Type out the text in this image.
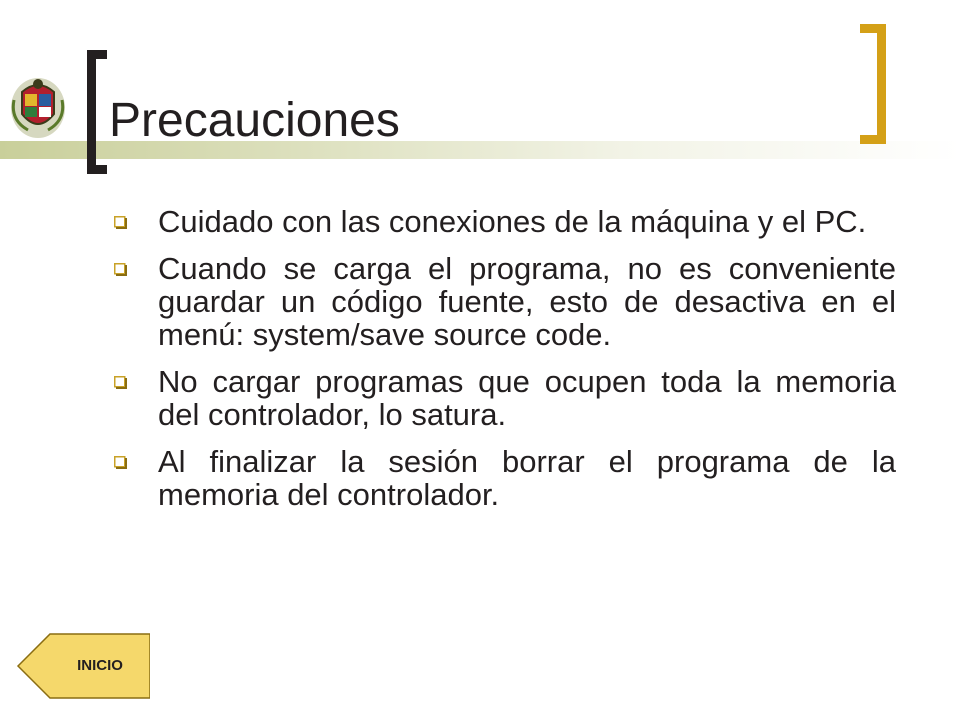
Precauciones
Cuidado con las conexiones de la máquina y el PC.
Cuando se carga el programa, no es conveniente guardar un código fuente, esto de desactiva en el menú: system/save source code.
No cargar programas que ocupen toda la memoria del controlador, lo satura.
Al finalizar la sesión borrar el programa de la memoria del controlador.
INICIO
